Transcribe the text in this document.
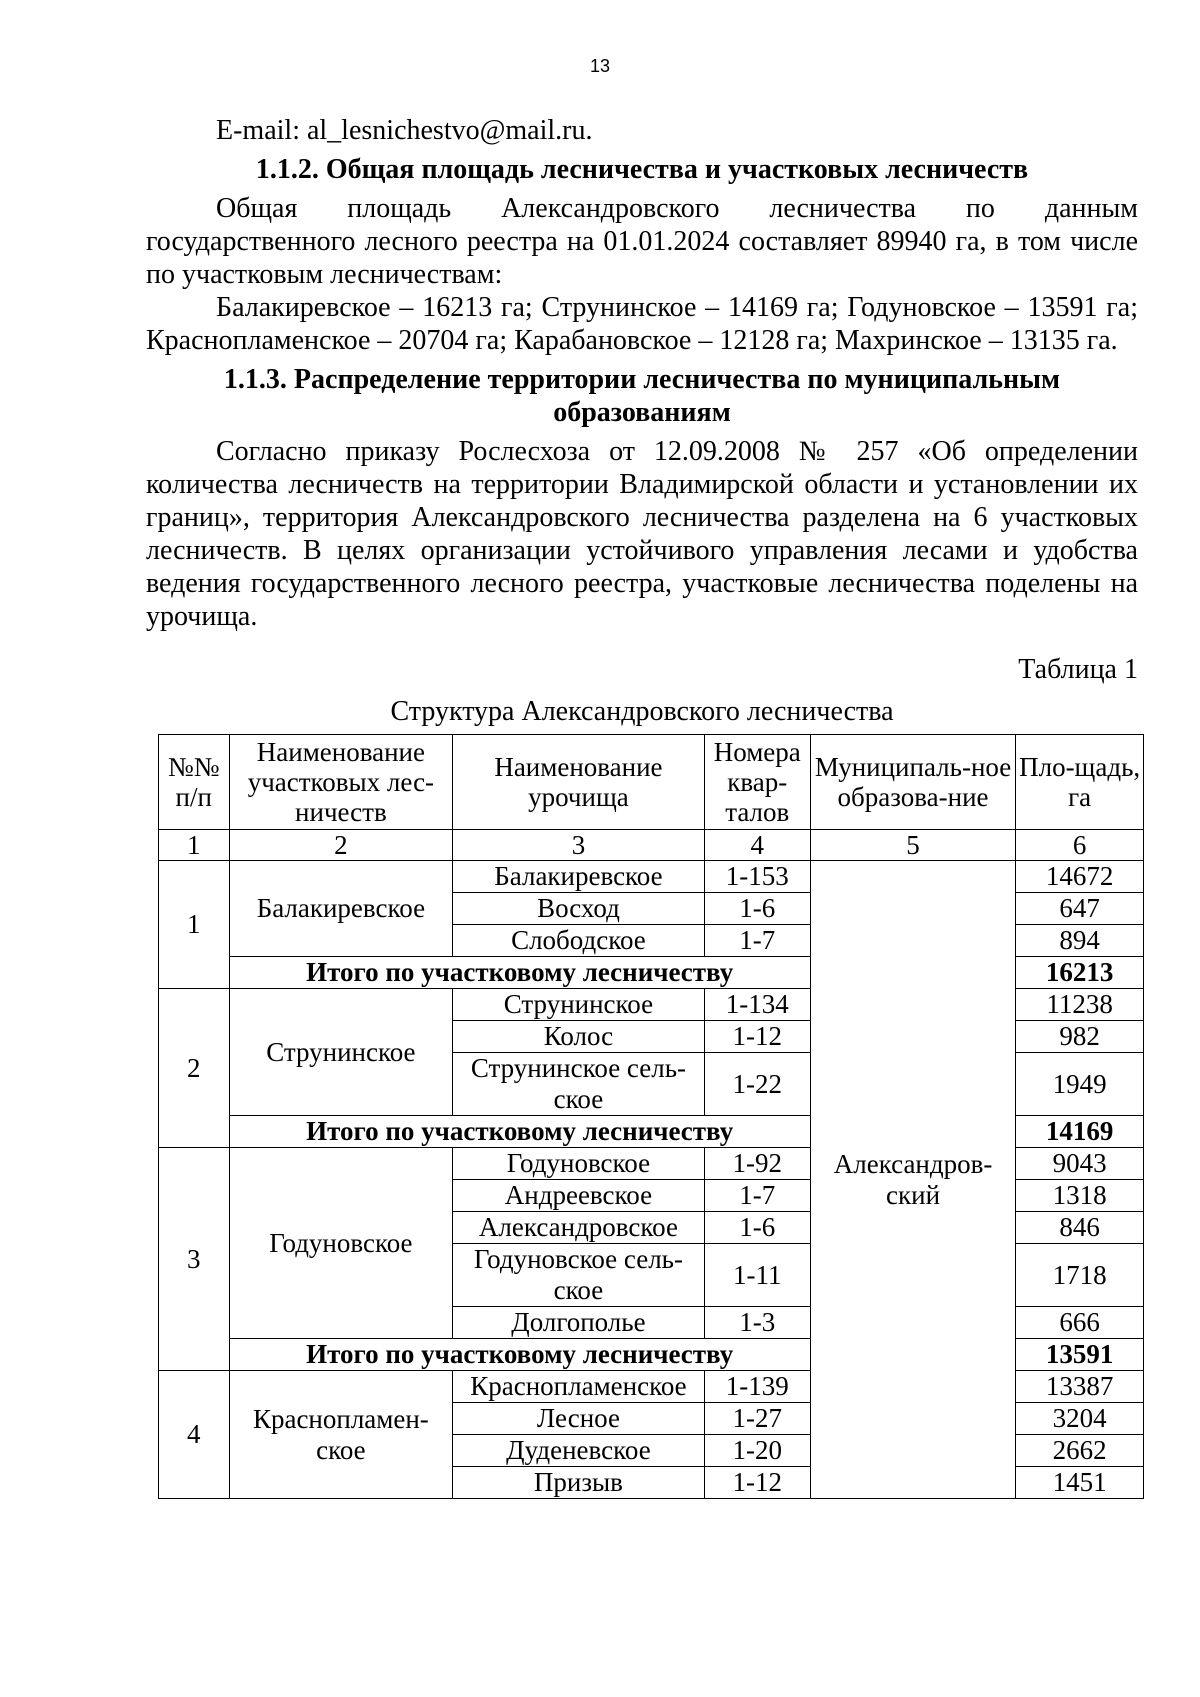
13

E-mail: al_lesnichestvo@mail.ru.

1.1.2. Общая площадь лесничества и участковых лесничеств

Общая площадь Александровского лесничества по данным государственного лесного реестра на 01.01.2024 составляет 89940 га, в том числе по участковым лесничествам:

Балакиревское – 16213 га; Струнинское – 14169 га; Годуновское – 13591 га; Краснопламенское – 20704 га; Карабановское – 12128 га; Махринское – 13135 га.

1.1.3. Распределение территории лесничества по муниципальным образованиям

Согласно приказу Рослесхоза от 12.09.2008 № 257 «Об определении количества лесничеств на территории Владимирской области и установлении их границ», территория Александровского лесничества разделена на 6 участковых лесничеств. В целях организации устойчивого управления лесами и удобства ведения государственного лесного реестра, участковые лесничества поделены на урочища.

Таблица 1

Структура Александровского лесничества

№№ п/п	Наименование участковых лес-ничеств	Наименование урочища	Номера квар-талов	Муниципаль-ное образова-ние	Пло-щадь, га
1	2	3	4	5	6
1	Балакиревское	Балакиревское	1-153	Александров-ский	14672
		Восход	1-6		647
		Слободское	1-7		894
	Итого по участковому лесничеству				16213
2	Струнинское	Струнинское	1-134		11238
		Колос	1-12		982
		Струнинское сель-ское	1-22		1949
	Итого по участковому лесничеству				14169
3	Годуновское	Годуновское	1-92		9043
		Андреевское	1-7		1318
		Александровское	1-6		846
		Годуновское сель-ское	1-11		1718
		Долгополье	1-3		666
	Итого по участковому лесничеству				13591
4	Краснопламен-ское	Краснопламенское	1-139		13387
		Лесное	1-27		3204
		Дуденевское	1-20		2662
		Призыв	1-12		1451
